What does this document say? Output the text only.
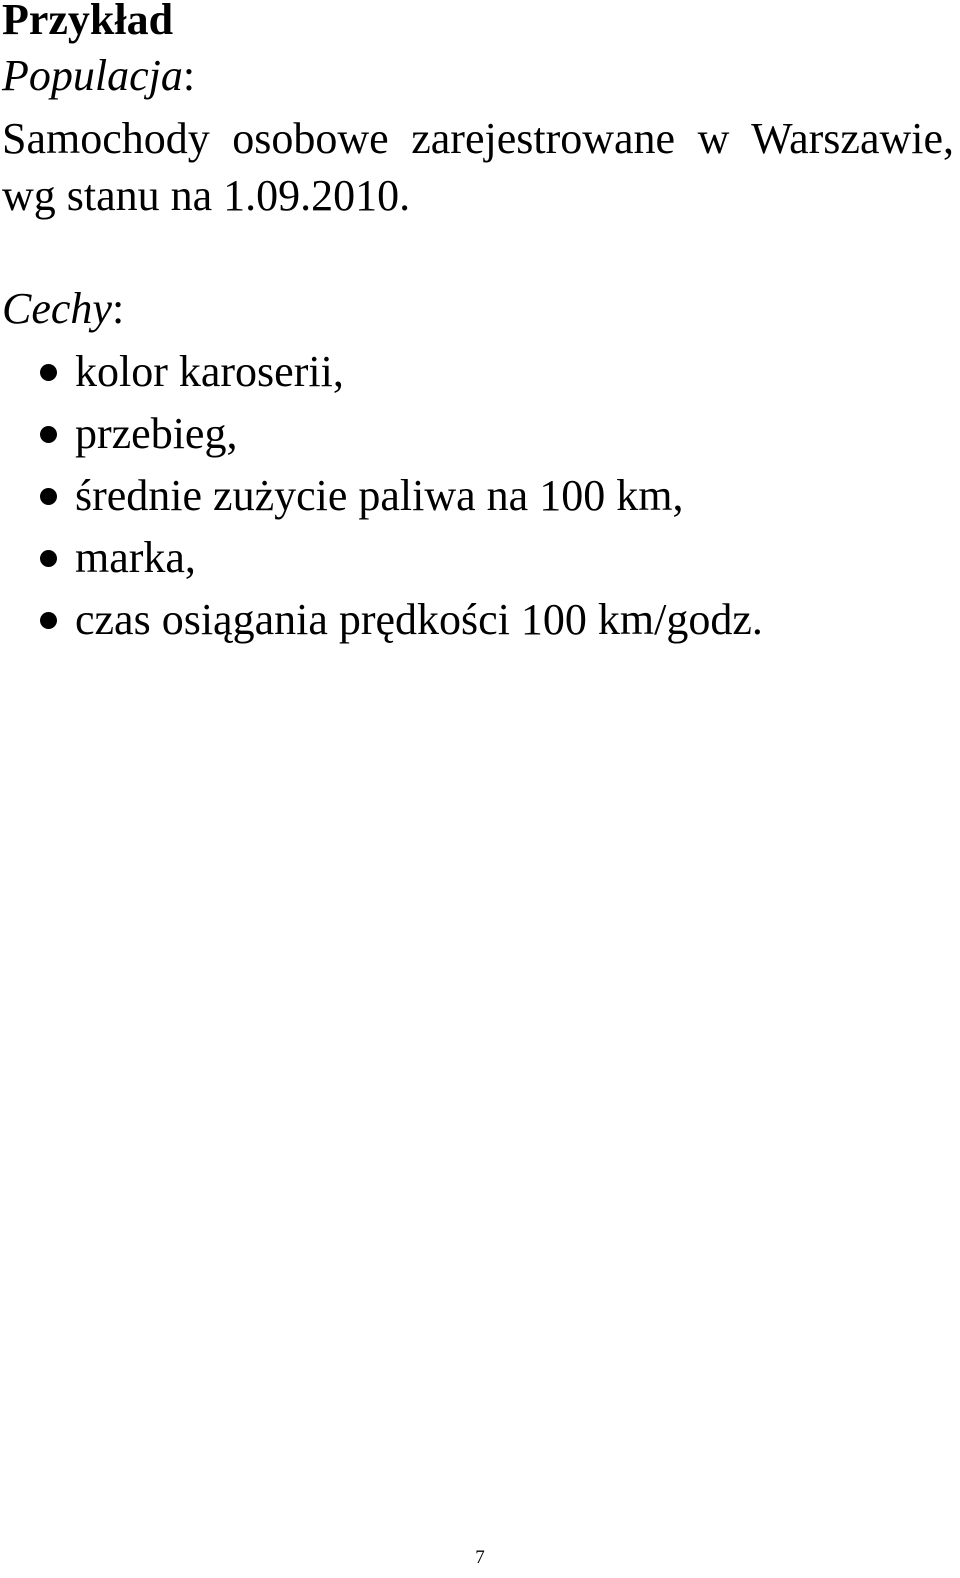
Przykład

Populacja:

Samochody osobowe zarejestrowane w Warszawie, wg stanu na 1.09.2010.

Cechy:

kolor karoserii,
przebieg,
średnie zużycie paliwa na 100 km,
marka,
czas osiągania prędkości 100 km/godz.
7
